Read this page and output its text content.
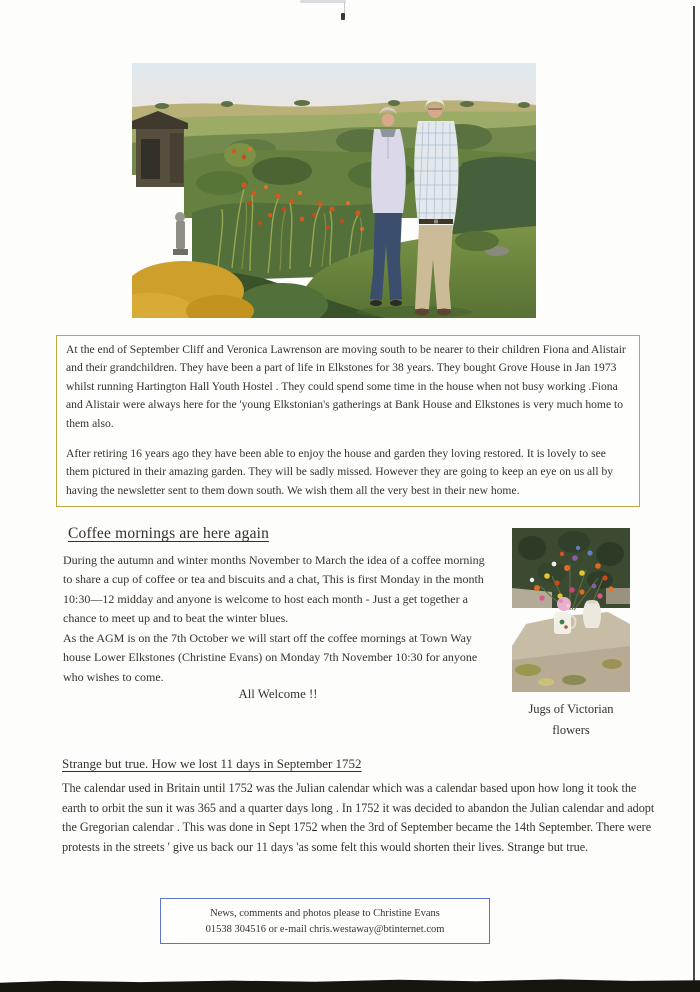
At the end of September Cliff and Veronica Lawrenson are moving south to be nearer to their children Fiona and Alistair and their grandchildren. They have been a part of life in Elkstones for 38 years. They bought Grove House in Jan 1973 whilst running Hartington Hall Youth Hostel . They could spend some time in the house when not busy working .Fiona and Alistair were always here for the 'young Elkstonian's gatherings at Bank House and Elkstones is very much home to them also.

After retiring 16 years ago they have been able to enjoy the house and garden they loving restored. It is lovely to see them pictured in their amazing garden. They will be sadly missed. However they are going to keep an eye on us all by having the newsletter sent to them down south. We wish them all the very best in their new home.

Coffee mornings are here again

During the autumn and winter months November to March the idea of a coffee morning to share a cup of coffee or tea and biscuits and a chat, This is first Monday in the month 10:30—12 midday and anyone is welcome to host each month - Just a get together a chance to meet up and to beat the winter blues.

As the AGM is on the 7th October we will start off the coffee mornings at Town Way house Lower Elkstones (Christine Evans) on Monday 7th November 10:30 for anyone who wishes to come.

All Welcome !!

Jugs of Victorian
flowers
Strange but true. How we lost 11 days in September 1752

The calendar used in Britain until 1752 was the Julian calendar which was a calendar based upon how long it took the earth to orbit the sun it was 365 and a quarter days long . In 1752 it was decided to abandon the Julian calendar and adopt the Gregorian calendar . This was done in Sept 1752 when the 3rd of September became the 14th September. There were protests in the streets ' give us back our 11 days 'as some felt this would shorten their lives. Strange but true.

News, comments and photos please to Christine Evans

01538 304516 or e-mail chris.westaway@btinternet.com
